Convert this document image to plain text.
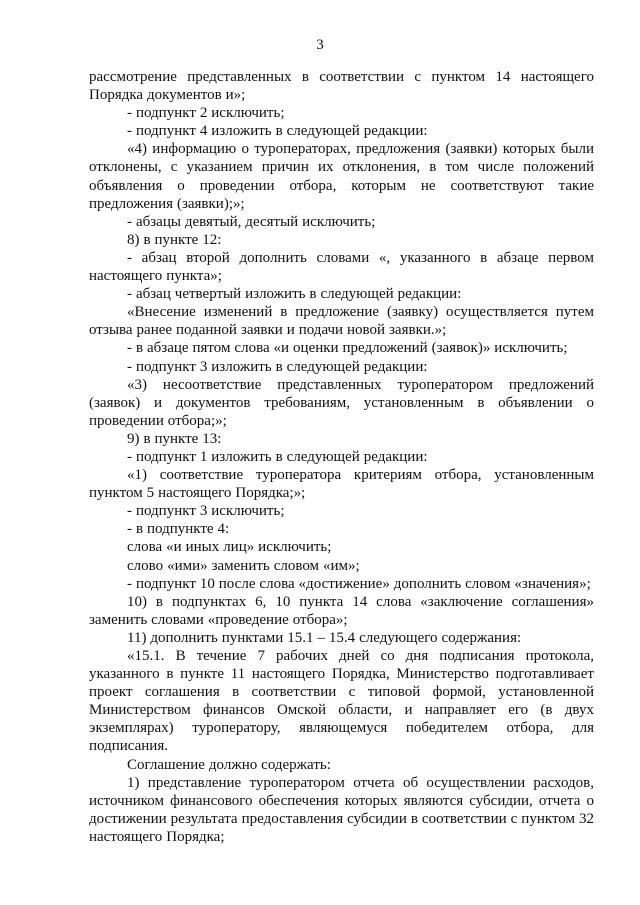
3

рассмотрение представленных в соответствии с пунктом 14 настоящего Порядка документов и»;

- подпункт 2 исключить;

- подпункт 4 изложить в следующей редакции:

«4) информацию о туроператорах, предложения (заявки) которых были отклонены, с указанием причин их отклонения, в том числе положений объявления о проведении отбора, которым не соответствуют такие предложения (заявки);»;

- абзацы девятый, десятый исключить;

8) в пункте 12:

- абзац второй дополнить словами «, указанного в абзаце первом настоящего пункта»;

- абзац четвертый изложить в следующей редакции:

«Внесение изменений в предложение (заявку) осуществляется путем отзыва ранее поданной заявки и подачи новой заявки.»;

- в абзаце пятом слова «и оценки предложений (заявок)» исключить;

- подпункт 3 изложить в следующей редакции:

«3) несоответствие представленных туроператором предложений (заявок) и документов требованиям, установленным в объявлении о проведении отбора;»;

9) в пункте 13:

- подпункт 1 изложить в следующей редакции:

«1) соответствие туроператора критериям отбора, установленным пунктом 5 настоящего Порядка;»;

- подпункт 3 исключить;

- в подпункте 4:

слова «и иных лиц» исключить;

слово «ими» заменить словом «им»;

- подпункт 10 после слова «достижение» дополнить словом «значения»;

10) в подпунктах 6, 10 пункта 14 слова «заключение соглашения» заменить словами «проведение отбора»;

11) дополнить пунктами 15.1 – 15.4 следующего содержания:

«15.1. В течение 7 рабочих дней со дня подписания протокола, указанного в пункте 11 настоящего Порядка, Министерство подготавливает проект соглашения в соответствии с типовой формой, установленной Министерством финансов Омской области, и направляет его (в двух экземплярах) туроператору, являющемуся победителем отбора, для подписания.

Соглашение должно содержать:

1) представление туроператором отчета об осуществлении расходов, источником финансового обеспечения которых являются субсидии, отчета о достижении результата предоставления субсидии в соответствии с пунктом 32 настоящего Порядка;
